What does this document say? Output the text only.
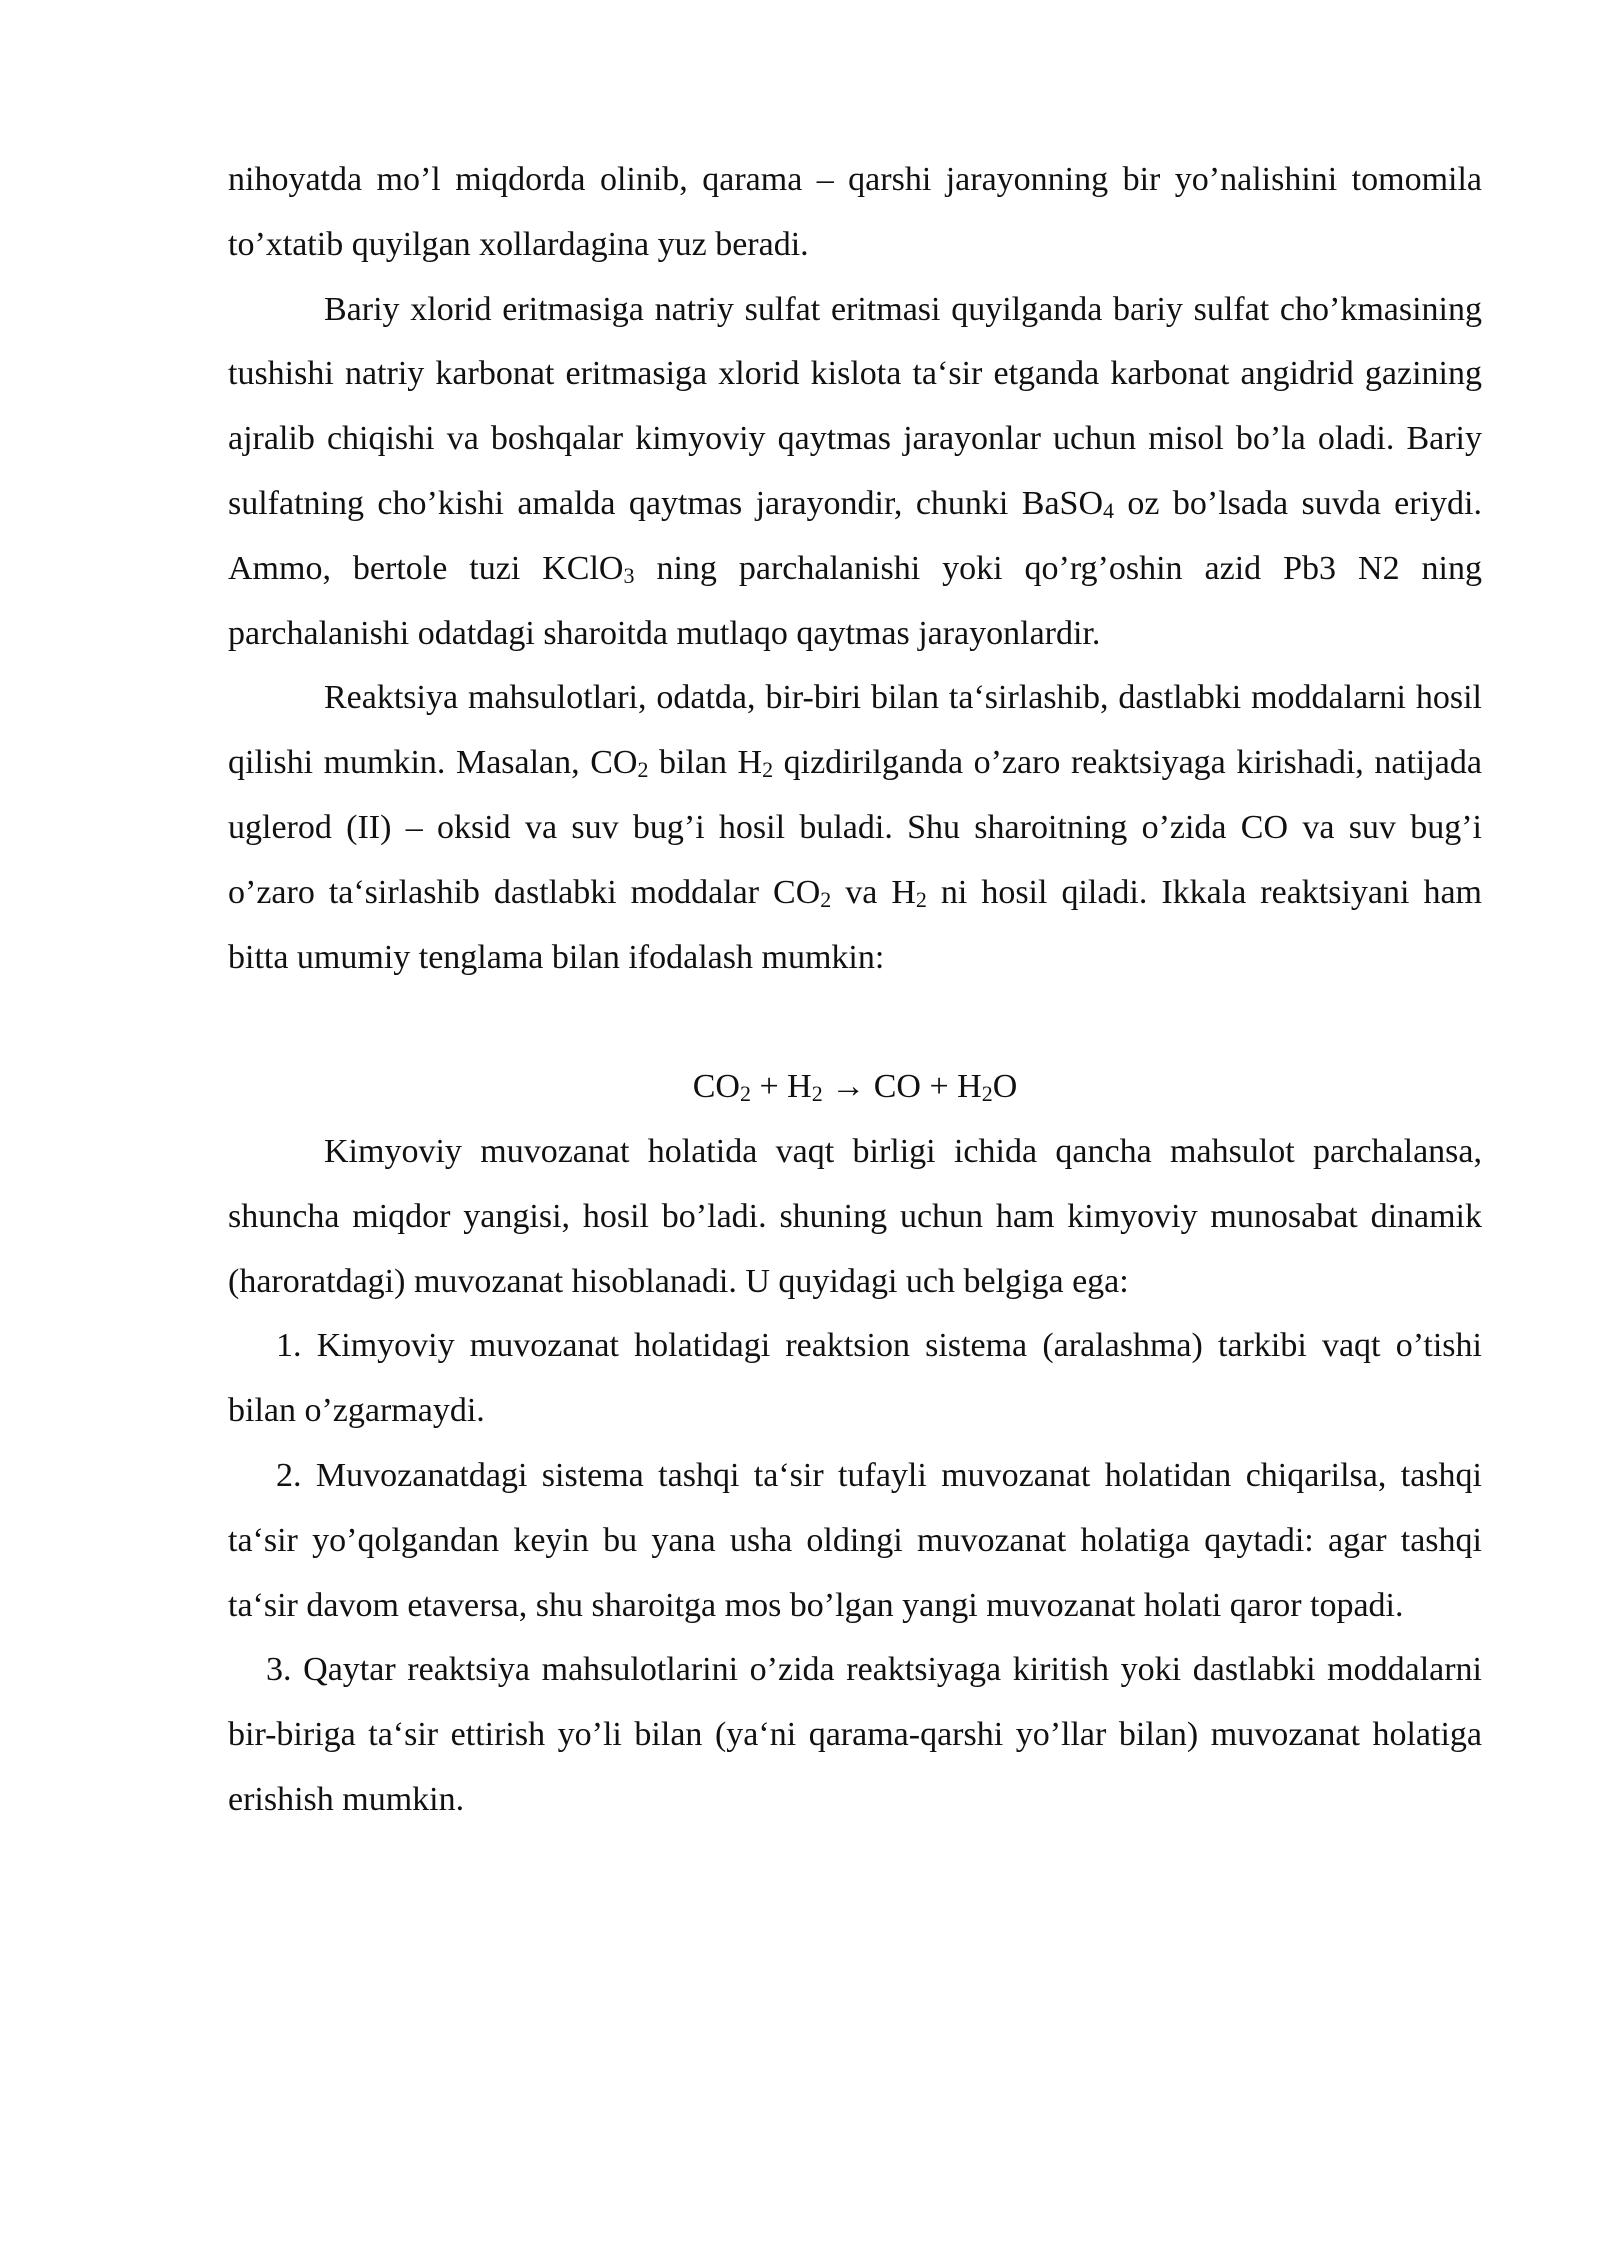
nihoyatda mo’l miqdorda olinib, qarama – qarshi jarayonning bir yo’nalishini tomomila to’xtatib quyilgan xollardagina yuz beradi.

Bariy xlorid eritmasiga natriy sulfat eritmasi quyilganda bariy sulfat cho’kmasining tushishi natriy karbonat eritmasiga xlorid kislota ta‘sir etganda karbonat angidrid gazining ajralib chiqishi va boshqalar kimyoviy qaytmas jarayonlar uchun misol bo’la oladi. Bariy sulfatning cho’kishi amalda qaytmas jarayondir, chunki BaSO$_4$ oz bo’lsada suvda eriydi. Ammo, bertole tuzi KClO$_3$ ning parchalanishi yoki qo’rg’oshin azid Pb3 N2 ning parchalanishi odatdagi sharoitda mutlaqo qaytmas jarayonlardir.

Reaktsiya mahsulotlari, odatda, bir-biri bilan ta‘sirlashib, dastlabki moddalarni hosil qilishi mumkin. Masalan, $CO_2$ bilan $H_2$ qizdirilganda o’zaro reaktsiyaga kirishadi, natijada uglerod (II) – oksid va suv bug’i hosil buladi. Shu sharoitning o’zida CO va suv bug’i o’zaro ta‘sirlashib dastlabki moddalar $CO_2$ va $H_2$ ni hosil qiladi. Ikkala reaktsiyani ham bitta umumiy tenglama bilan ifodalash mumkin:

$CO_2 + H_2$ → CO + $H_2O$

Kimyoviy muvozanat holatida vaqt birligi ichida qancha mahsulot parchalansa, shuncha miqdor yangisi, hosil bo’ladi. shuning uchun ham kimyoviy munosabat dinamik (haroratdagi) muvozanat hisoblanadi. U quyidagi uch belgiga ega:

1. Kimyoviy muvozanat holatidagi reaktsion sistema (aralashma) tarkibi vaqt o’tishi bilan o’zgarmaydi.

2. Muvozanatdagi sistema tashqi ta‘sir tufayli muvozanat holatidan chiqarilsa, tashqi ta‘sir yo’qolgandan keyin bu yana usha oldingi muvozanat holatiga qaytadi: agar tashqi ta‘sir davom etaversa, shu sharoitga mos bo’lgan yangi muvozanat holati qaror topadi.

3. Qaytar reaktsiya mahsulotlarini o’zida reaktsiyaga kiritish yoki dastlabki moddalarni bir-biriga ta‘sir ettirish yo’li bilan (ya‘ni qarama-qarshi yo’llar bilan) muvozanat holatiga erishish mumkin.
